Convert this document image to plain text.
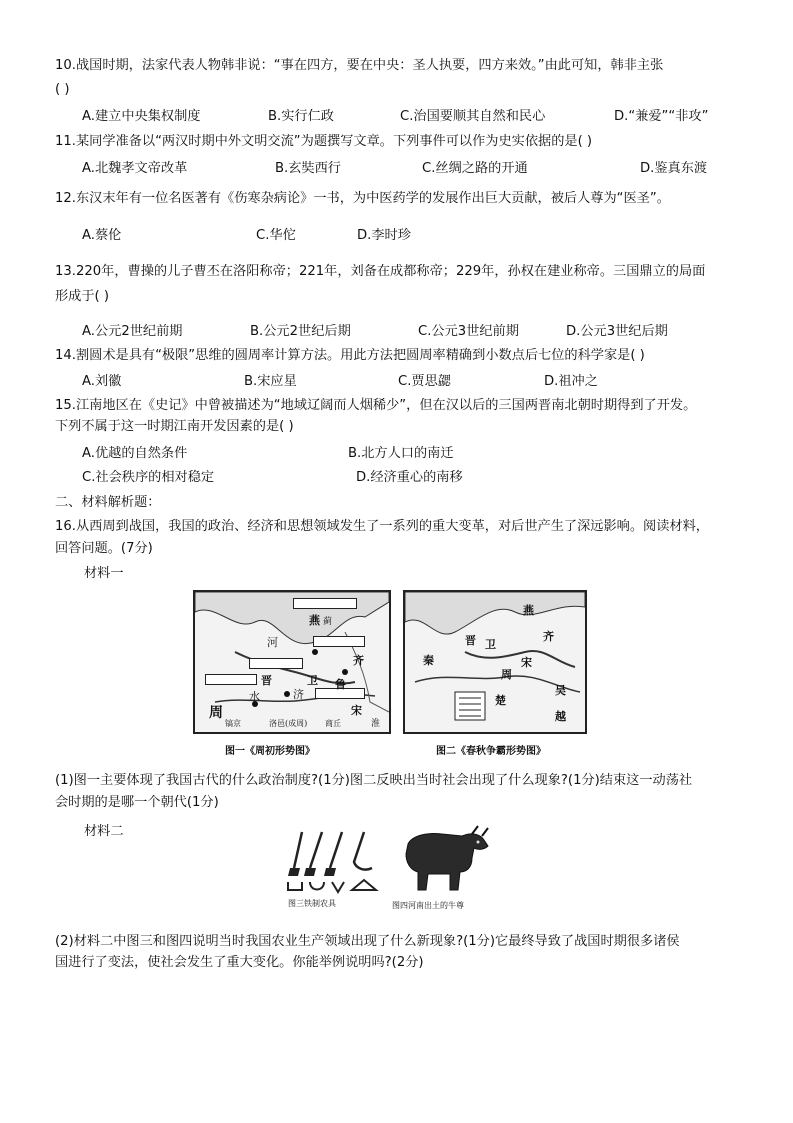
10.战国时期，法家代表人物韩非说：“事在四方，要在中央：圣人执要，四方来效。”由此可知，韩非主张
( )
A.建立中央集权制度	B.实行仁政	C.治国要顺其自然和民心	D.“兼爱”“非攻”
11.某同学准备以“两汉时期中外文明交流”为题撰写文章。下列事件可以作为史实依据的是( )
A.北魏孝文帝改革	B.玄奘西行	C.丝绸之路的开通	D.鉴真东渡
12.东汉末年有一位名医著有《伤寒杂病论》一书，为中医药学的发展作出巨大贡献，被后人尊为“医圣”。
A.蔡伦	C.华佗	D.李时珍
13.220年，曹操的儿子曹丕在洛阳称帝；221年，刘备在成都称帝；229年，孙权在建业称帝。三国鼎立的局面
形成于( )
A.公元2世纪前期	B.公元2世纪后期	C.公元3世纪前期	D.公元3世纪后期
14.割圆术是具有“极限”思维的圆周率计算方法。用此方法把圆周率精确到小数点后七位的科学家是( )
A.刘徽	B.宋应星	C.贾思勰	D.祖冲之
15.江南地区在《史记》中曾被描述为“地域辽阔而人烟稀少”，但在汉以后的三国两晋南北朝时期得到了开发。
下列不属于这一时期江南开发因素的是( )
A.优越的自然条件	B.北方人口的南迁
C.社会秩序的相对稳定	D.经济重心的南移
二、材料解析题：
16.从西周到战国，我国的政治、经济和思想领域发生了一系列的重大变革，对后世产生了深远影响。阅读材料，
回答问题。(7分)
材料一
燕 蓟
晋	卫
齐
鲁
宋
周
镐京	洛邑(成周) 商丘
河
济
淮
水
图一《周初形势图》
秦
晋 卫
燕
齐
宋
楚
吴
越
周
图二《春秋争霸形势图》
(1)图一主要体现了我国古代的什么政治制度?(1分)图二反映出当时社会出现了什么现象?(1分)结束这一动荡社
会时期的是哪一个朝代(1分)
材料二
图三铁制农具	图四河南出土的牛尊
(2)材料二中图三和图四说明当时我国农业生产领域出现了什么新现象?(1分)它最终导致了战国时期很多诸侯
国进行了变法，使社会发生了重大变化。你能举例说明吗?(2分)
